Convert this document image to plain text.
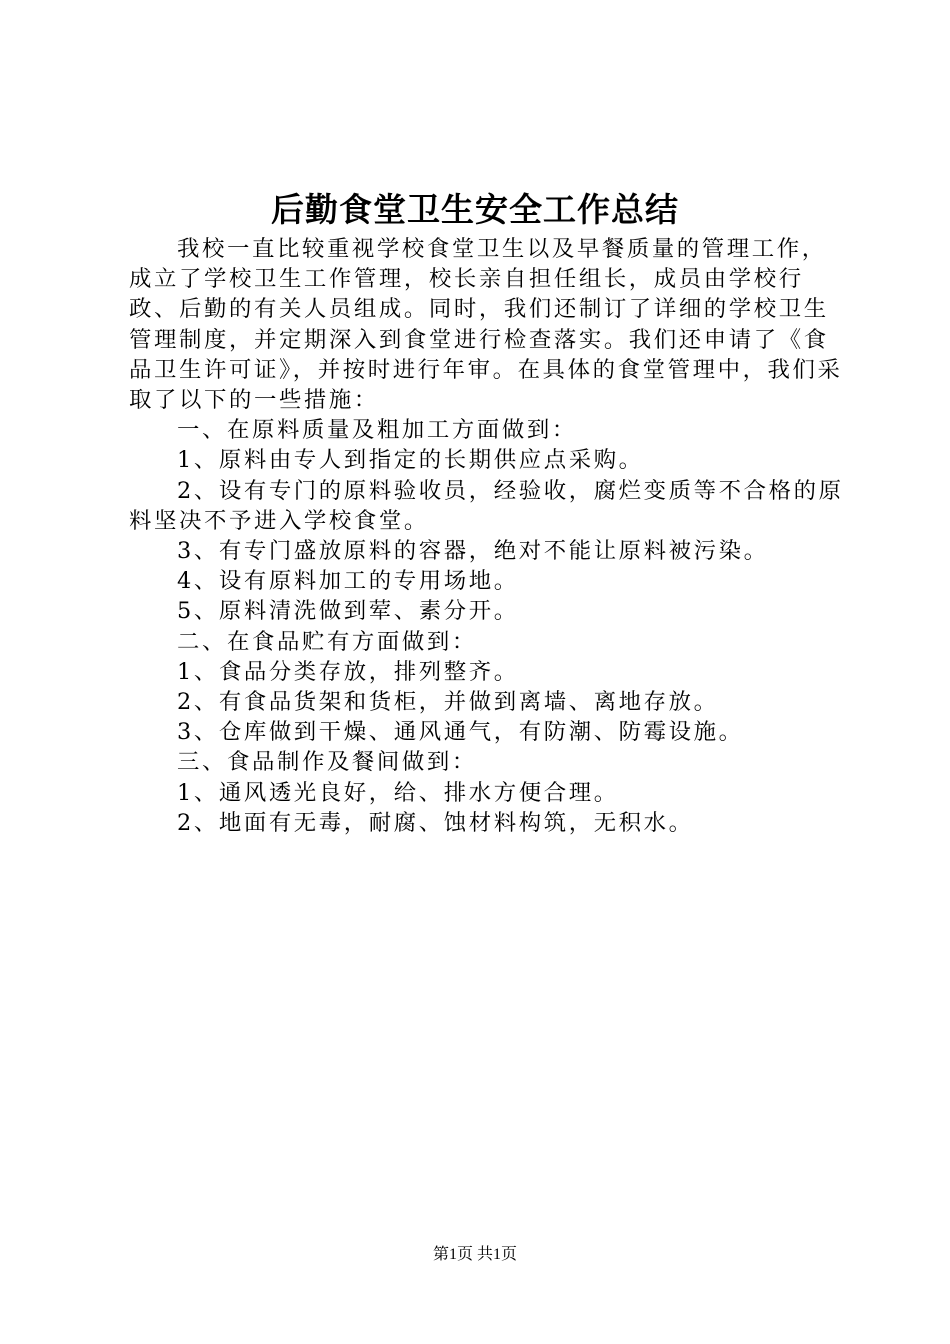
后勤食堂卫生安全工作总结

我校一直比较重视学校食堂卫生以及早餐质量的管理工作，成立了学校卫生工作管理，校长亲自担任组长，成员由学校行政、后勤的有关人员组成。同时，我们还制订了详细的学校卫生管理制度，并定期深入到食堂进行检查落实。我们还申请了《食品卫生许可证》，并按时进行年审。在具体的食堂管理中，我们采取了以下的一些措施：

一、在原料质量及粗加工方面做到：

1、原料由专人到指定的长期供应点采购。

2、设有专门的原料验收员，经验收，腐烂变质等不合格的原料坚决不予进入学校食堂。

3、有专门盛放原料的容器，绝对不能让原料被污染。

4、设有原料加工的专用场地。

5、原料清洗做到荤、素分开。

二、在食品贮有方面做到：

1、食品分类存放，排列整齐。

2、有食品货架和货柜，并做到离墙、离地存放。

3、仓库做到干燥、通风通气，有防潮、防霉设施。

三、食品制作及餐间做到：

1、通风透光良好，给、排水方便合理。

2、地面有无毒，耐腐、蚀材料构筑，无积水。

第1页 共1页
